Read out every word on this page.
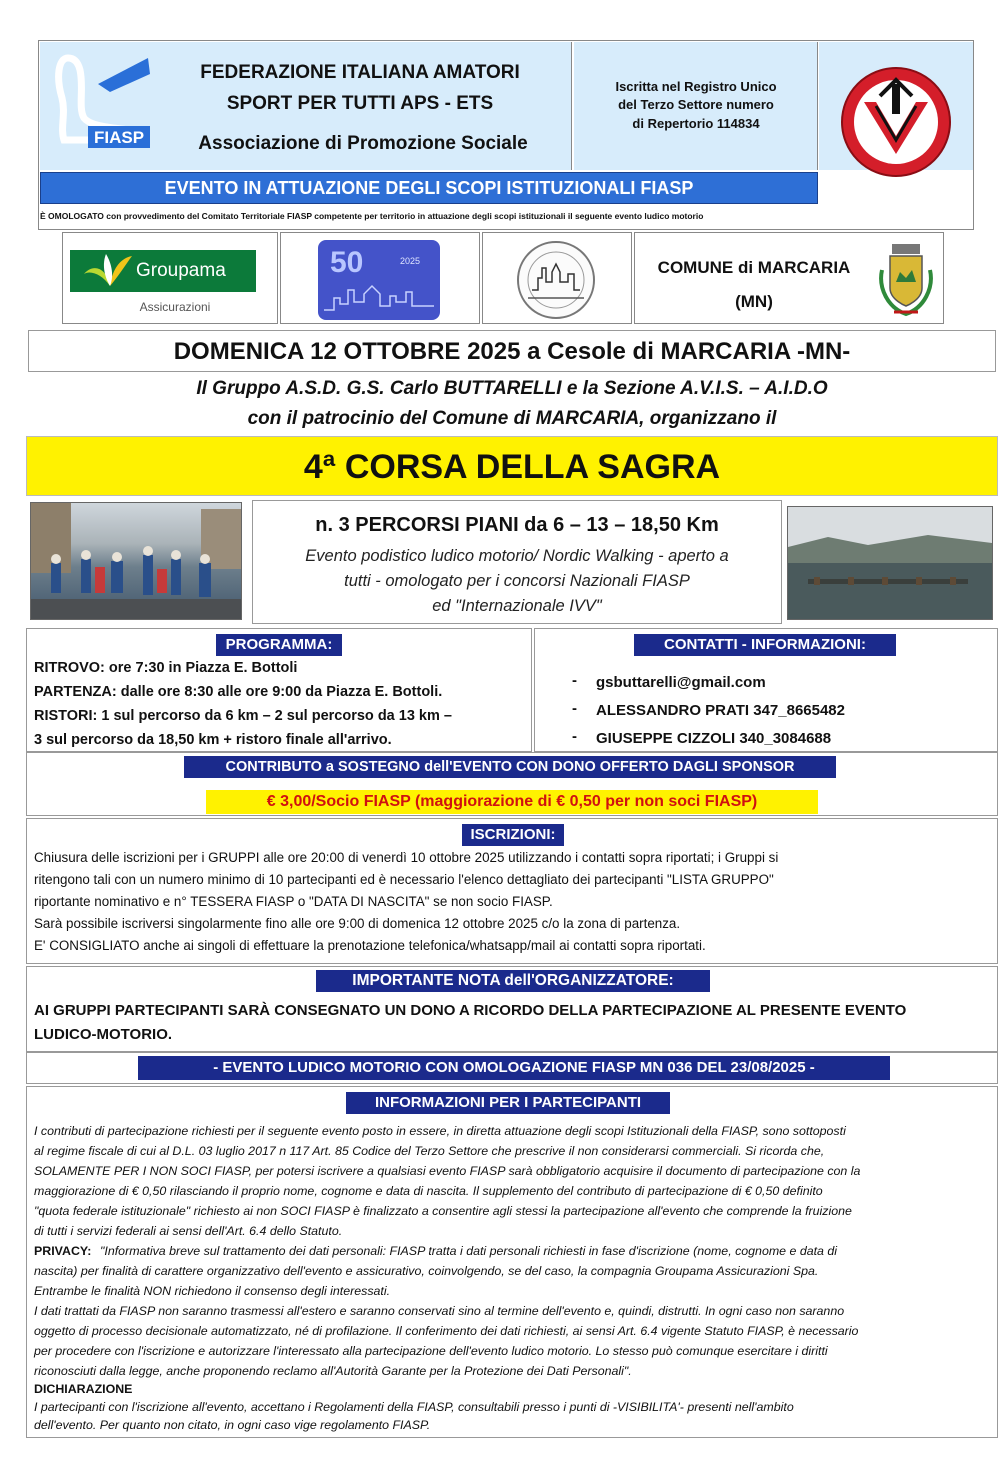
FIASP
FEDERAZIONE ITALIANA AMATORI
SPORT PER TUTTI APS - ETS
Associazione di Promozione Sociale
Iscritta nel Registro Unico
del Terzo Settore numero
di Repertorio 114834
EVENTO IN ATTUAZIONE DEGLI SCOPI ISTITUZIONALI FIASP
È OMOLOGATO con provvedimento del Comitato Territoriale FIASP competente per territorio in attuazione degli scopi istituzionali il seguente evento ludico motorio
Groupama
Assicurazioni
50	2025	COMUNE di MARCARIA
(MN)
DOMENICA 12 OTTOBRE 2025 a Cesole di MARCARIA -MN-
Il Gruppo A.S.D. G.S. Carlo BUTTARELLI e la Sezione A.V.I.S. – A.I.D.O
con il patrocinio del Comune di MARCARIA, organizzano il
4ª CORSA DELLA SAGRA
n. 3 PERCORSI PIANI da 6 – 13 – 18,50 Km
Evento podistico ludico motorio/ Nordic Walking - aperto a
tutti - omologato per i concorsi Nazionali FIASP
ed "Internazionale IVV"
PROGRAMMA:
RITROVO: ore 7:30 in Piazza E. Bottoli
PARTENZA: dalle ore 8:30 alle ore 9:00 da Piazza E. Bottoli.
RISTORI: 1 sul percorso da 6 km – 2 sul percorso da 13 km –
3 sul percorso da 18,50 km + ristoro finale all'arrivo.
CONTATTI - INFORMAZIONI:
- gsbuttarelli@gmail.com
- ALESSANDRO PRATI 347_8665482
- GIUSEPPE CIZZOLI 340_3084688
CONTRIBUTO a SOSTEGNO dell'EVENTO CON DONO OFFERTO DAGLI SPONSOR
€ 3,00/Socio FIASP (maggiorazione di € 0,50 per non soci FIASP)
ISCRIZIONI:
Chiusura delle iscrizioni per i GRUPPI alle ore 20:00 di venerdì 10 ottobre 2025 utilizzando i contatti sopra riportati; i Gruppi si
ritengono tali con un numero minimo di 10 partecipanti ed è necessario l'elenco dettagliato dei partecipanti "LISTA GRUPPO"
riportante nominativo e n° TESSERA FIASP o "DATA DI NASCITA" se non socio FIASP.
Sarà possibile iscriversi singolarmente fino alle ore 9:00 di domenica 12 ottobre 2025 c/o la zona di partenza.
E' CONSIGLIATO anche ai singoli di effettuare la prenotazione telefonica/whatsapp/mail ai contatti sopra riportati.
IMPORTANTE NOTA dell'ORGANIZZATORE:
AI GRUPPI PARTECIPANTI SARÀ CONSEGNATO UN DONO A RICORDO DELLA PARTECIPAZIONE AL PRESENTE EVENTO
LUDICO-MOTORIO.
- EVENTO LUDICO MOTORIO CON OMOLOGAZIONE FIASP MN 036 DEL 23/08/2025 -
INFORMAZIONI PER I PARTECIPANTI
I contributi di partecipazione richiesti per il seguente evento posto in essere, in diretta attuazione degli scopi Istituzionali della FIASP, sono sottoposti
al regime fiscale di cui al D.L. 03 luglio 2017 n 117 Art. 85 Codice del Terzo Settore che prescrive il non considerarsi commerciali. Si ricorda che,
SOLAMENTE PER I NON SOCI FIASP, per potersi iscrivere a qualsiasi evento FIASP sarà obbligatorio acquisire il documento di partecipazione con la
maggiorazione di € 0,50 rilasciando il proprio nome, cognome e data di nascita. Il supplemento del contributo di partecipazione di € 0,50 definito
"quota federale istituzionale" richiesto ai non SOCI FIASP è finalizzato a consentire agli stessi la partecipazione all'evento che comprende la fruizione
di tutti i servizi federali ai sensi dell'Art. 6.4 dello Statuto.
PRIVACY: "Informativa breve sul trattamento dei dati personali: FIASP tratta i dati personali richiesti in fase d'iscrizione (nome, cognome e data di
nascita) per finalità di carattere organizzativo dell'evento e assicurativo, coinvolgendo, se del caso, la compagnia Groupama Assicurazioni Spa.
Entrambe le finalità NON richiedono il consenso degli interessati.
I dati trattati da FIASP non saranno trasmessi all'estero e saranno conservati sino al termine dell'evento e, quindi, distrutti. In ogni caso non saranno
oggetto di processo decisionale automatizzato, né di profilazione. Il conferimento dei dati richiesti, ai sensi Art. 6.4 vigente Statuto FIASP, è necessario
per procedere con l'iscrizione e autorizzare l'interessato alla partecipazione dell'evento ludico motorio. Lo stesso può comunque esercitare i diritti
riconosciuti dalla legge, anche proponendo reclamo all'Autorità Garante per la Protezione dei Dati Personali".
DICHIARAZIONE
I partecipanti con l'iscrizione all'evento, accettano i Regolamenti della FIASP, consultabili presso i punti di -VISIBILITA'- presenti nell'ambito
dell'evento. Per quanto non citato, in ogni caso vige regolamento FIASP.
